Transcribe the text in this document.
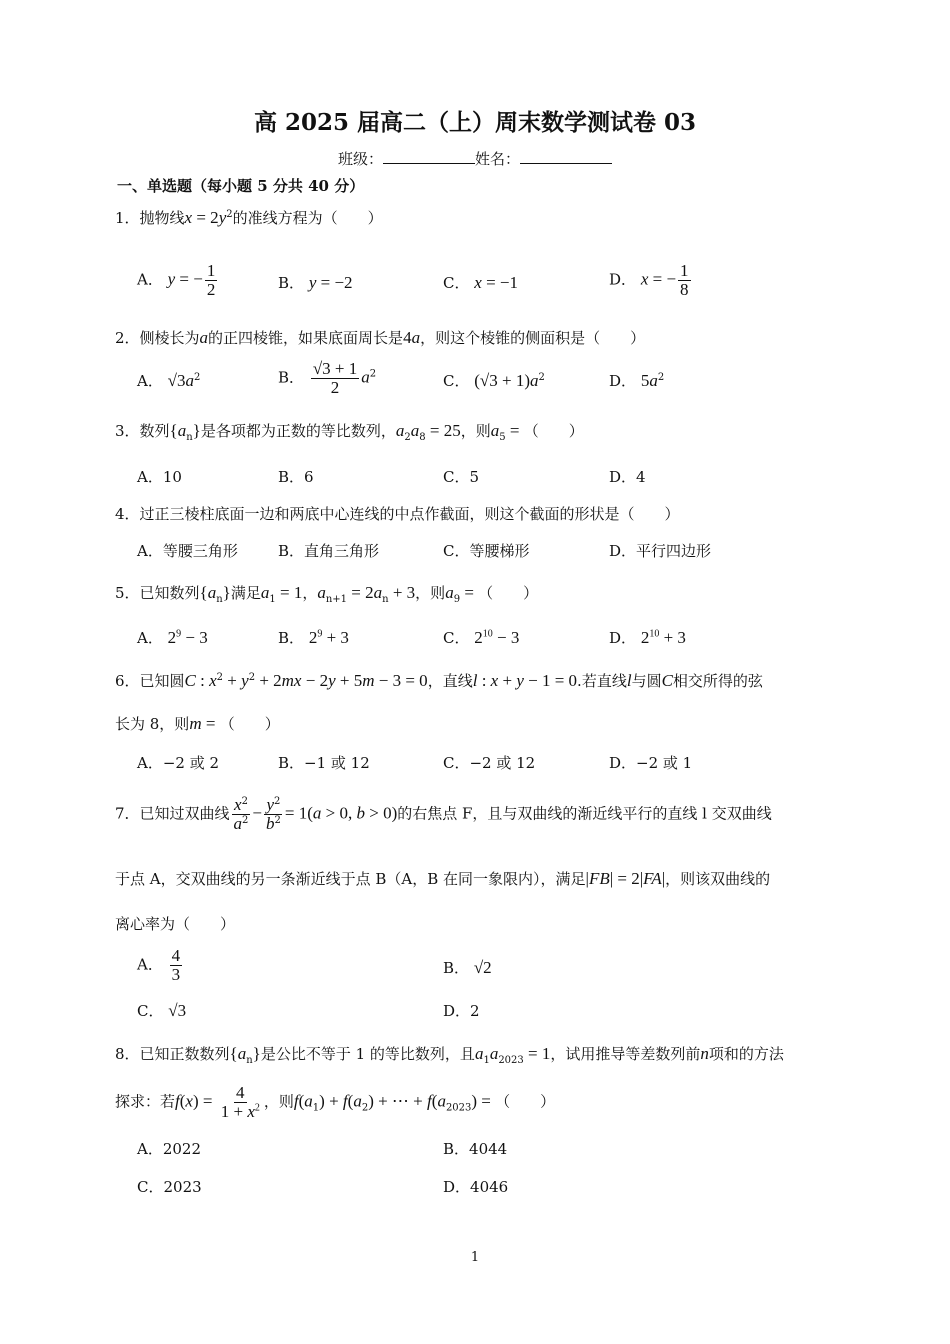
高 2025 届高二（上）周末数学测试卷 03
班级：	姓名：
一、单选题（每小题 5 分共 40 分）
1．抛物线$x = 2y^2$的准线方程为（　　）
A． y = − $\frac{1}{2}$	B． y = −2	C． x = −1	D． x = − $\frac{1}{8}$
2．侧棱长为a的正四棱锥，如果底面周长是4a，则这个棱锥的侧面积是（　　）
A． $√3a^2$	B． $\frac{√3 + 1}{2} a^2$	C． $(√3 + 1)a^2$	D． $5a^2$
3．数列$\{a_n\}$是各项都为正数的等比数列，$a_2a_8 = 25$，则$a_5$ = （　　）
A．10	B．6	C．5	D．4
4．过正三棱柱底面一边和两底中心连线的中点作截面，则这个截面的形状是（　　）
A．等腰三角形	B．直角三角形	C．等腰梯形	D．平行四边形
5．已知数列$\{a_n\}$满足$a_1 = 1$，$a_{n+1} = 2a_n + 3$，则$a_9$ = （　　）
A． $2^9 - 3$	B． $2^9 + 3$	C． $2^{10} - 3$	D． $2^{10} + 3$
6．已知圆C : $x^2 + y^2 + 2mx - 2y + 5m - 3 = 0$，直线l : x + y − 1 = 0.若直线l与圆C相交所得的弦
长为 8，则m = （　　）
A．−2 或 2	B．−1 或 12	C．−2 或 12	D．−2 或 1
7．已知过双曲线 $\frac{x^2}{a^2} - \frac{y^2}{b^2} = 1(a > 0$, b > 0)的右焦点 F，且与双曲线的渐近线平行的直线 l 交双曲线
于点 A，交双曲线的另一条渐近线于点 B（A，B 在同一象限内），满足|FB| = 2|FA|，则该双曲线的
离心率为（　　）
A． $\frac{4}{3}$	B． √2
C． √3	D．2
8．已知正数数列$\{a_n\}$是公比不等于 1 的等比数列，且$a_1a_{2023} = 1$，试用推导等差数列前n项和的方法
探求：若$f(x) = \frac{4}{1 + x^2}$ ，则$f(a_1) + f(a_2)$ + ⋯ + $f(a_{2023})$ = （　　）
A．2022	B．4044
C．2023	D．4046
1
